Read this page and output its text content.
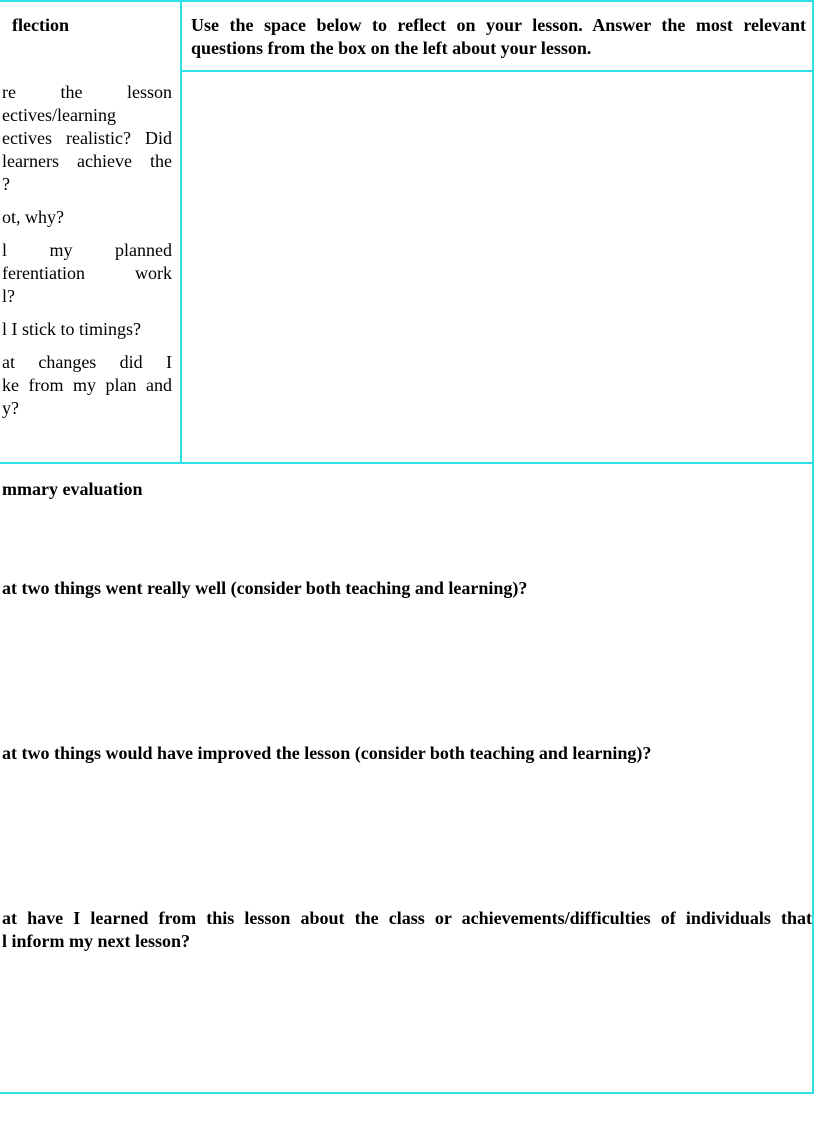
flection
re the lesson
ectives/learning
ectives realistic? Did
learners achieve the
?
ot, why?
l my planned
ferentiation work
l?
l I stick to timings?
at changes did I
ke from my plan and
y?
Use the space below to reflect on your lesson. Answer the most relevant questions from the box on the left about your lesson.
mmary evaluation
at two things went really well (consider both teaching and learning)?
at two things would have improved the lesson (consider both teaching and learning)?
at have I learned from this lesson about the class or achievements/difficulties of individuals that
l inform my next lesson?
